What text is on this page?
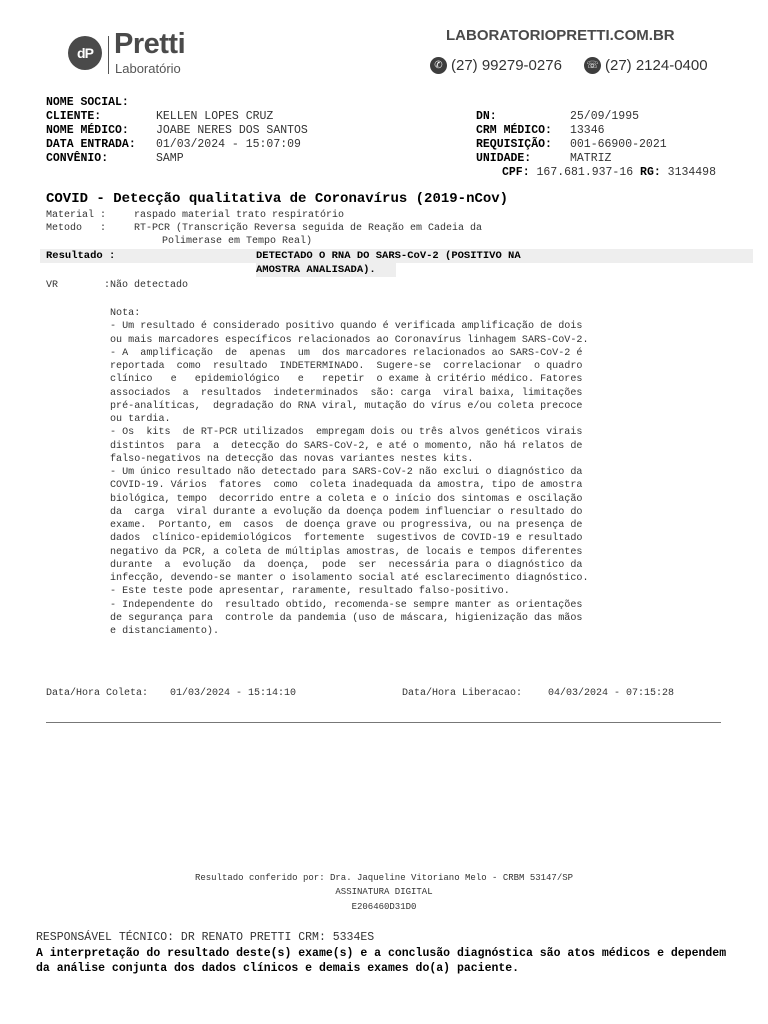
dP Pretti
Laboratório
LABORATORIOPRETTI.COM.BR
✆ (27) 99279-0276 ☏ (27) 2124-0400
NOME SOCIAL:
CLIENTE:	KELLEN LOPES CRUZ
NOME MÉDICO: JOABE NERES DOS SANTOS
DATA ENTRADA: 01/03/2024 - 15:07:09
CONVÊNIO:	SAMP
DN:	25/09/1995
CRM MÉDICO: 13346
REQUISIÇÃO: 001-66900-2021
UNIDADE:	MATRIZ
CPF: 167.681.937-16 RG: 3134498
COVID - Detecção qualitativa de Coronavírus (2019-nCov)
Material :	raspado material trato respiratório
Metodo   :	RT-PCR (Transcrição Reversa seguida de Reação em Cadeia da
Polimerase em Tempo Real)
Resultado :	DETECTADO O RNA DO SARS-CoV-2 (POSITIVO NA
AMOSTRA ANALISADA).
VR	:Não detectado
Nota:
- Um resultado é considerado positivo quando é verificada amplificação de dois
ou mais marcadores específicos relacionados ao Coronavírus linhagem SARS-CoV-2.
- A  amplificação  de  apenas  um  dos marcadores relacionados ao SARS-CoV-2 é
reportada  como  resultado  INDETERMINADO.  Sugere-se  correlacionar  o quadro
clínico   e   epidemiológico   e   repetir  o exame à critério médico. Fatores
associados  a  resultados  indeterminados  são: carga  viral baixa, limitações
pré-analíticas,  degradação do RNA viral, mutação do vírus e/ou coleta precoce
ou tardia.
- Os  kits  de RT-PCR utilizados  empregam dois ou três alvos genéticos virais
distintos  para  a  detecção do SARS-CoV-2, e até o momento, não há relatos de
falso-negativos na detecção das novas variantes nestes kits.
- Um único resultado não detectado para SARS-CoV-2 não exclui o diagnóstico da
COVID-19. Vários  fatores  como  coleta inadequada da amostra, tipo de amostra
biológica, tempo  decorrido entre a coleta e o início dos sintomas e oscilação
da  carga  viral durante a evolução da doença podem influenciar o resultado do
exame.  Portanto, em  casos  de doença grave ou progressiva, ou na presença de
dados  clínico-epidemiológicos  fortemente  sugestivos de COVID-19 e resultado
negativo da PCR, a coleta de múltiplas amostras, de locais e tempos diferentes
durante  a  evolução  da  doença,  pode  ser  necessária para o diagnóstico da
infecção, devendo-se manter o isolamento social até esclarecimento diagnóstico.
- Este teste pode apresentar, raramente, resultado falso-positivo.
- Independente do  resultado obtido, recomenda-se sempre manter as orientações
de segurança para  controle da pandemia (uso de máscara, higienização das mãos
e distanciamento).
Data/Hora Coleta: 01/03/2024 - 15:14:10	Data/Hora Liberacao:	04/03/2024 - 07:15:28
Resultado conferido por: Dra. Jaqueline Vitoriano Melo - CRBM 53147/SP
ASSINATURA DIGITAL
E206460D31D0
RESPONSÁVEL TÉCNICO: DR RENATO PRETTI CRM: 5334ES
A interpretação do resultado deste(s) exame(s) e a conclusão diagnóstica são atos médicos e dependem da análise conjunta dos dados clínicos e demais exames do(a) paciente.
